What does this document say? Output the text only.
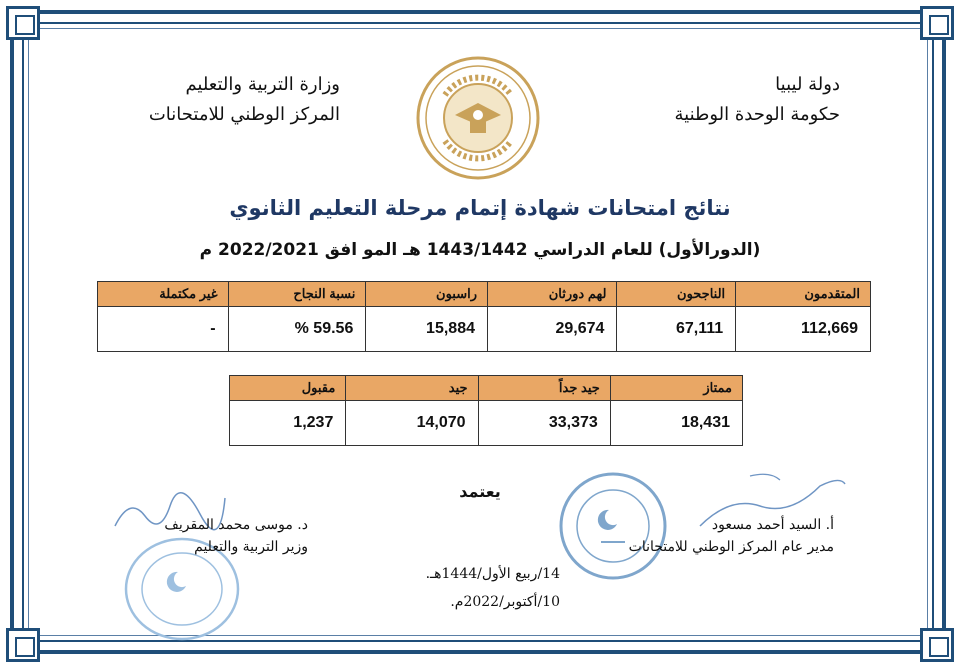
دولة ليبيا
حكومة الوحدة الوطنية
وزارة التربية والتعليم
المركز الوطني للامتحانات
نتائج امتحانات شهادة إتمام مرحلة التعليم الثانوي
(الدورالأول) للعام الدراسي 1443/1442 هـ المو افق 2022/2021 م
المتقدمون	الناجحون	لهم دورثان	راسبون	نسبة النجاح	غير مكتملة
112,669	67,111	29,674	15,884	59.56 %	-
ممتاز	جيد جداً	جيد	مقبول
18,431	33,373	14,070	1,237
يعتمد
أ. السيد أحمد مسعود
مدير عام المركز الوطني للامتحانات
د. موسى محمد المقريف
وزير التربية والتعليم
14/ربيع الأول/1444هـ.
10/أكتوبر/2022م.
